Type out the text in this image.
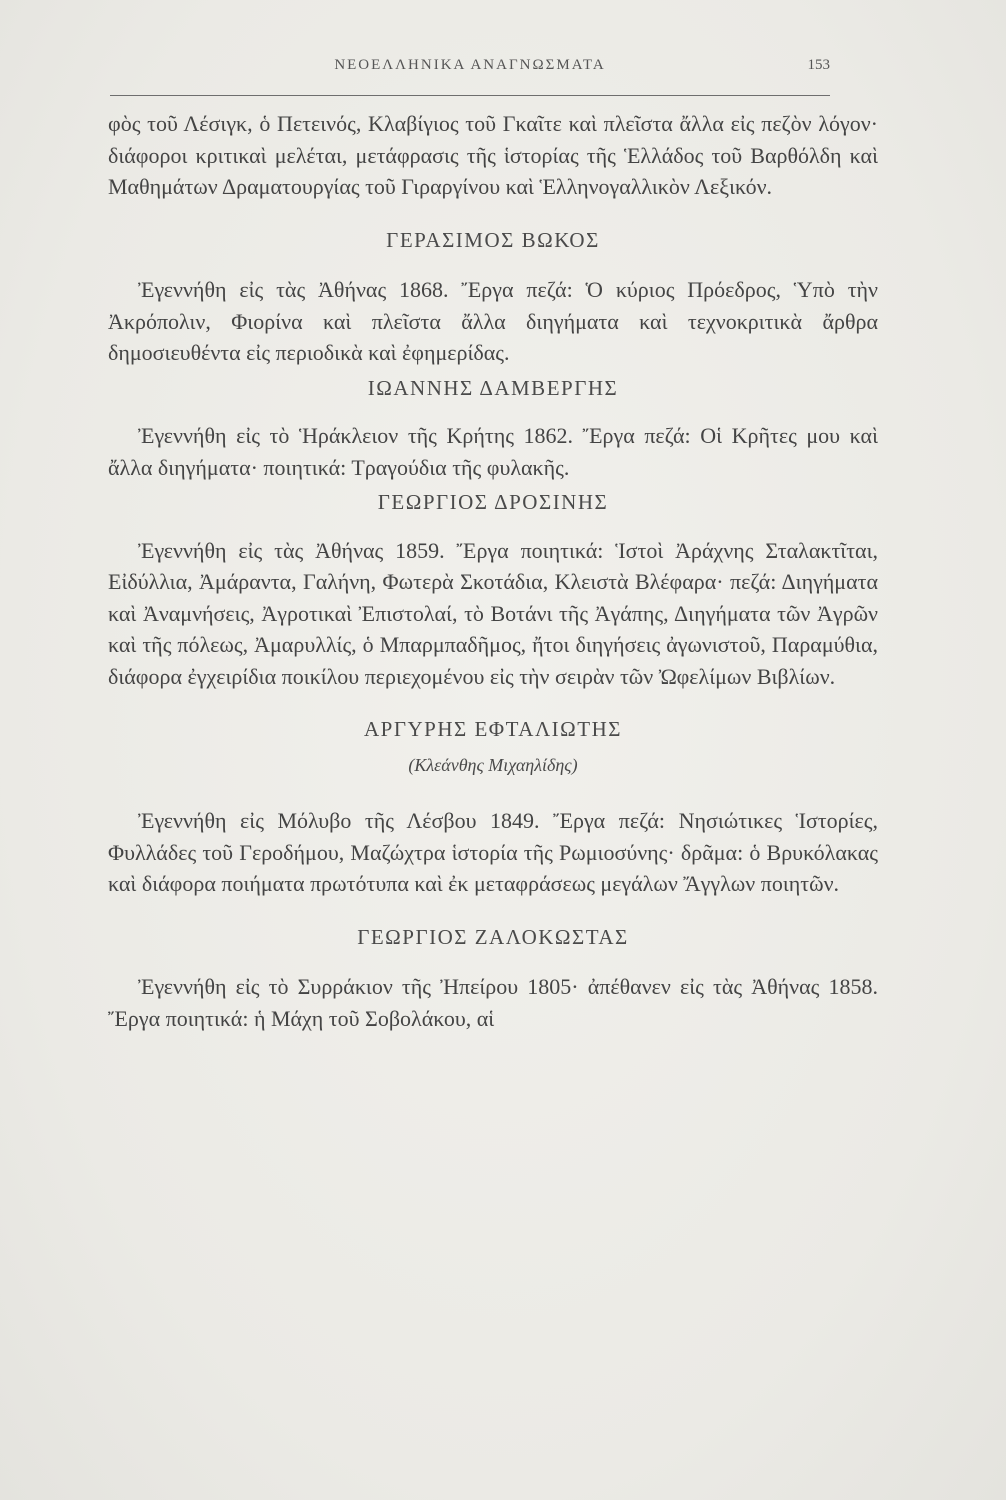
ΝΕΟΕΛΛΗΝΙΚΑ ΑΝΑΓΝΩΣΜΑΤΑ	153

φὸς τοῦ Λέσιγκ, ὁ Πετεινός, Κλαβίγιος τοῦ Γκαῖτε καὶ πλεῖστα ἄλλα εἰς πεζὸν λόγον· διάφοροι κριτικαὶ μελέται, μετάφρασις τῆς ἱστορίας τῆς Ἑλλάδος τοῦ Βαρθόλδη καὶ Μαθημάτων Δραματουργίας τοῦ Γιραργίνου καὶ Ἑλληνογαλλικὸν Λεξικόν.

ΓΕΡΑΣΙΜΟΣ ΒΩΚΟΣ

Ἐγεννήθη εἰς τὰς Ἀθήνας 1868. Ἔργα πεζά: Ὁ κύριος Πρόεδρος, Ὑπὸ τὴν Ἀκρόπολιν, Φιορίνα καὶ πλεῖστα ἄλλα διηγήματα καὶ τεχνοκριτικὰ ἄρθρα δημοσιευθέντα εἰς περιοδικὰ καὶ ἐφημερίδας.

ΙΩΑΝΝΗΣ ΔΑΜΒΕΡΓΗΣ

Ἐγεννήθη εἰς τὸ Ἡράκλειον τῆς Κρήτης 1862. Ἔργα πεζά: Οἱ Κρῆτες μου καὶ ἄλλα διηγήματα· ποιητικά: Τραγούδια τῆς φυλακῆς.

ΓΕΩΡΓΙΟΣ ΔΡΟΣΙΝΗΣ

Ἐγεννήθη εἰς τὰς Ἀθήνας 1859. Ἔργα ποιητικά: Ἱστοὶ Ἀράχνης Σταλακτῖται, Εἰδύλλια, Ἀμάραντα, Γαλήνη, Φωτερὰ Σκοτάδια, Κλειστὰ Βλέφαρα· πεζά: Διηγήματα καὶ Ἀναμνήσεις, Ἀγροτικαὶ Ἐπιστολαί, τὸ Βοτάνι τῆς Ἀγάπης, Διηγήματα τῶν Ἀγρῶν καὶ τῆς πόλεως, Ἀμαρυλλίς, ὁ Μπαρμπαδῆμος, ἤτοι διηγήσεις ἀγωνιστοῦ, Παραμύθια, διάφορα ἐγχειρίδια ποικίλου περιεχομένου εἰς τὴν σειρὰν τῶν Ὠφελίμων Βιβλίων.

ΑΡΓΥΡΗΣ ΕΦΤΑΛΙΩΤΗΣ
(Κλεάνθης Μιχαηλίδης)

Ἐγεννήθη εἰς Μόλυβο τῆς Λέσβου 1849. Ἔργα πεζά: Νησιώτικες Ἱστορίες, Φυλλάδες τοῦ Γεροδήμου, Μαζώχτρα ἱστορία τῆς Ρωμιοσύνης· δρᾶμα: ὁ Βρυκόλακας καὶ διάφορα ποιήματα πρωτότυπα καὶ ἐκ μεταφράσεως μεγάλων Ἄγγλων ποιητῶν.

ΓΕΩΡΓΙΟΣ ΖΑΛΟΚΩΣΤΑΣ

Ἐγεννήθη εἰς τὸ Συρράκιον τῆς Ἠπείρου 1805· ἀπέθανεν εἰς τὰς Ἀθήνας 1858. Ἔργα ποιητικά: ἡ Μάχη τοῦ Σοβολάκου, αἱ
